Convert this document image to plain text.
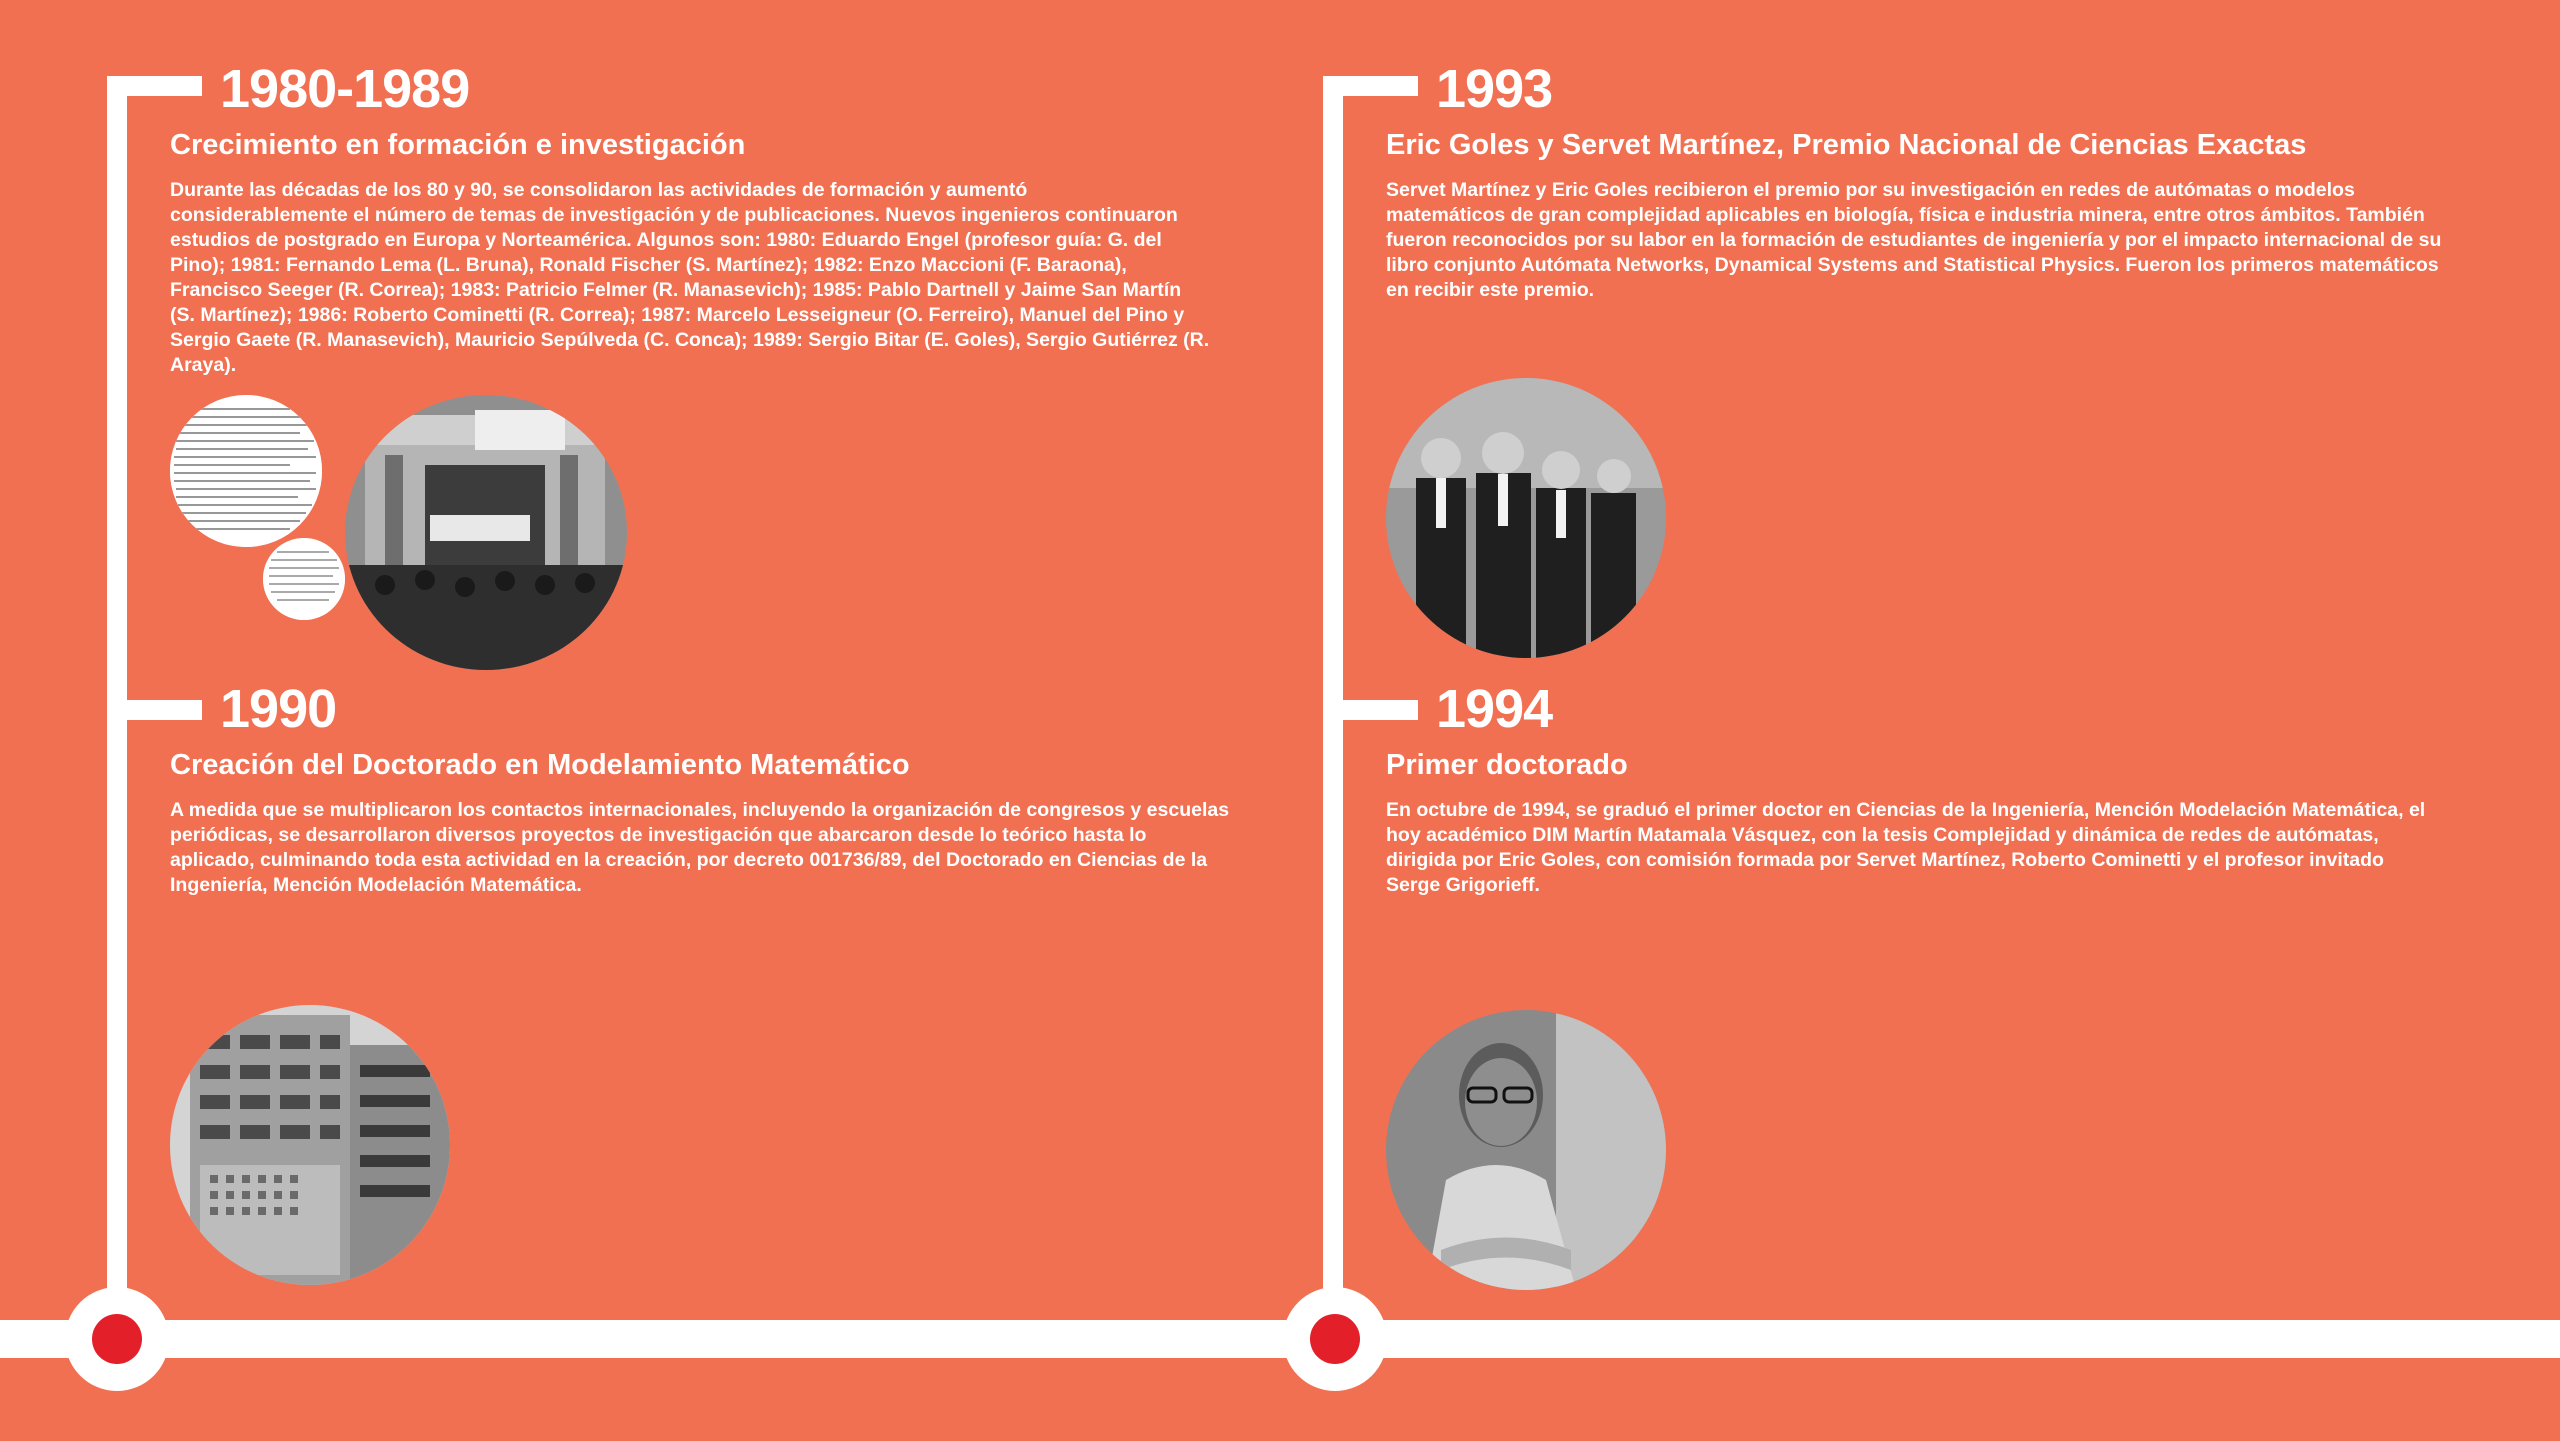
1980-1989
Crecimiento en formación e investigación
Durante las décadas de los 80 y 90, se consolidaron las actividades de formación y aumentó considerablemente el número de temas de investigación y de publicaciones. Nuevos ingenieros continuaron estudios de postgrado en Europa y Norteamérica. Algunos son: 1980: Eduardo Engel (profesor guía: G. del Pino); 1981: Fernando Lema (L. Bruna), Ronald Fischer (S. Martínez); 1982: Enzo Maccioni (F. Baraona), Francisco Seeger (R. Correa); 1983: Patricio Felmer (R. Manasevich); 1985: Pablo Dartnell y Jaime San Martín (S. Martínez); 1986: Roberto Cominetti (R. Correa); 1987: Marcelo Lesseigneur (O. Ferreiro), Manuel del Pino y Sergio Gaete (R. Manasevich), Mauricio Sepúlveda (C. Conca); 1989: Sergio Bitar (E. Goles), Sergio Gutiérrez (R. Araya).
1990
Creación del Doctorado en Modelamiento Matemático
A medida que se multiplicaron los contactos internacionales, incluyendo la organización de congresos y escuelas periódicas, se desarrollaron diversos proyectos de investigación que abarcaron desde lo teórico hasta lo aplicado, culminando toda esta actividad en la creación, por decreto 001736/89, del Doctorado en Ciencias de la Ingeniería, Mención Modelación Matemática.
1993
Eric Goles y Servet Martínez, Premio Nacional de Ciencias Exactas
Servet Martínez y Eric Goles recibieron el premio por su investigación en redes de autómatas o modelos matemáticos de gran complejidad aplicables en biología, física e industria minera, entre otros ámbitos. También fueron reconocidos por su labor en la formación de estudiantes de ingeniería y por el impacto internacional de su libro conjunto Autómata Networks, Dynamical Systems and Statistical Physics. Fueron los primeros matemáticos en recibir este premio.
1994
Primer doctorado
En octubre de 1994, se graduó el primer doctor en Ciencias de la Ingeniería, Mención Modelación Matemática, el hoy académico DIM Martín Matamala Vásquez, con la tesis Complejidad y dinámica de redes de autómatas, dirigida por Eric Goles, con comisión formada por Servet Martínez, Roberto Cominetti y el profesor invitado Serge Grigorieff.
